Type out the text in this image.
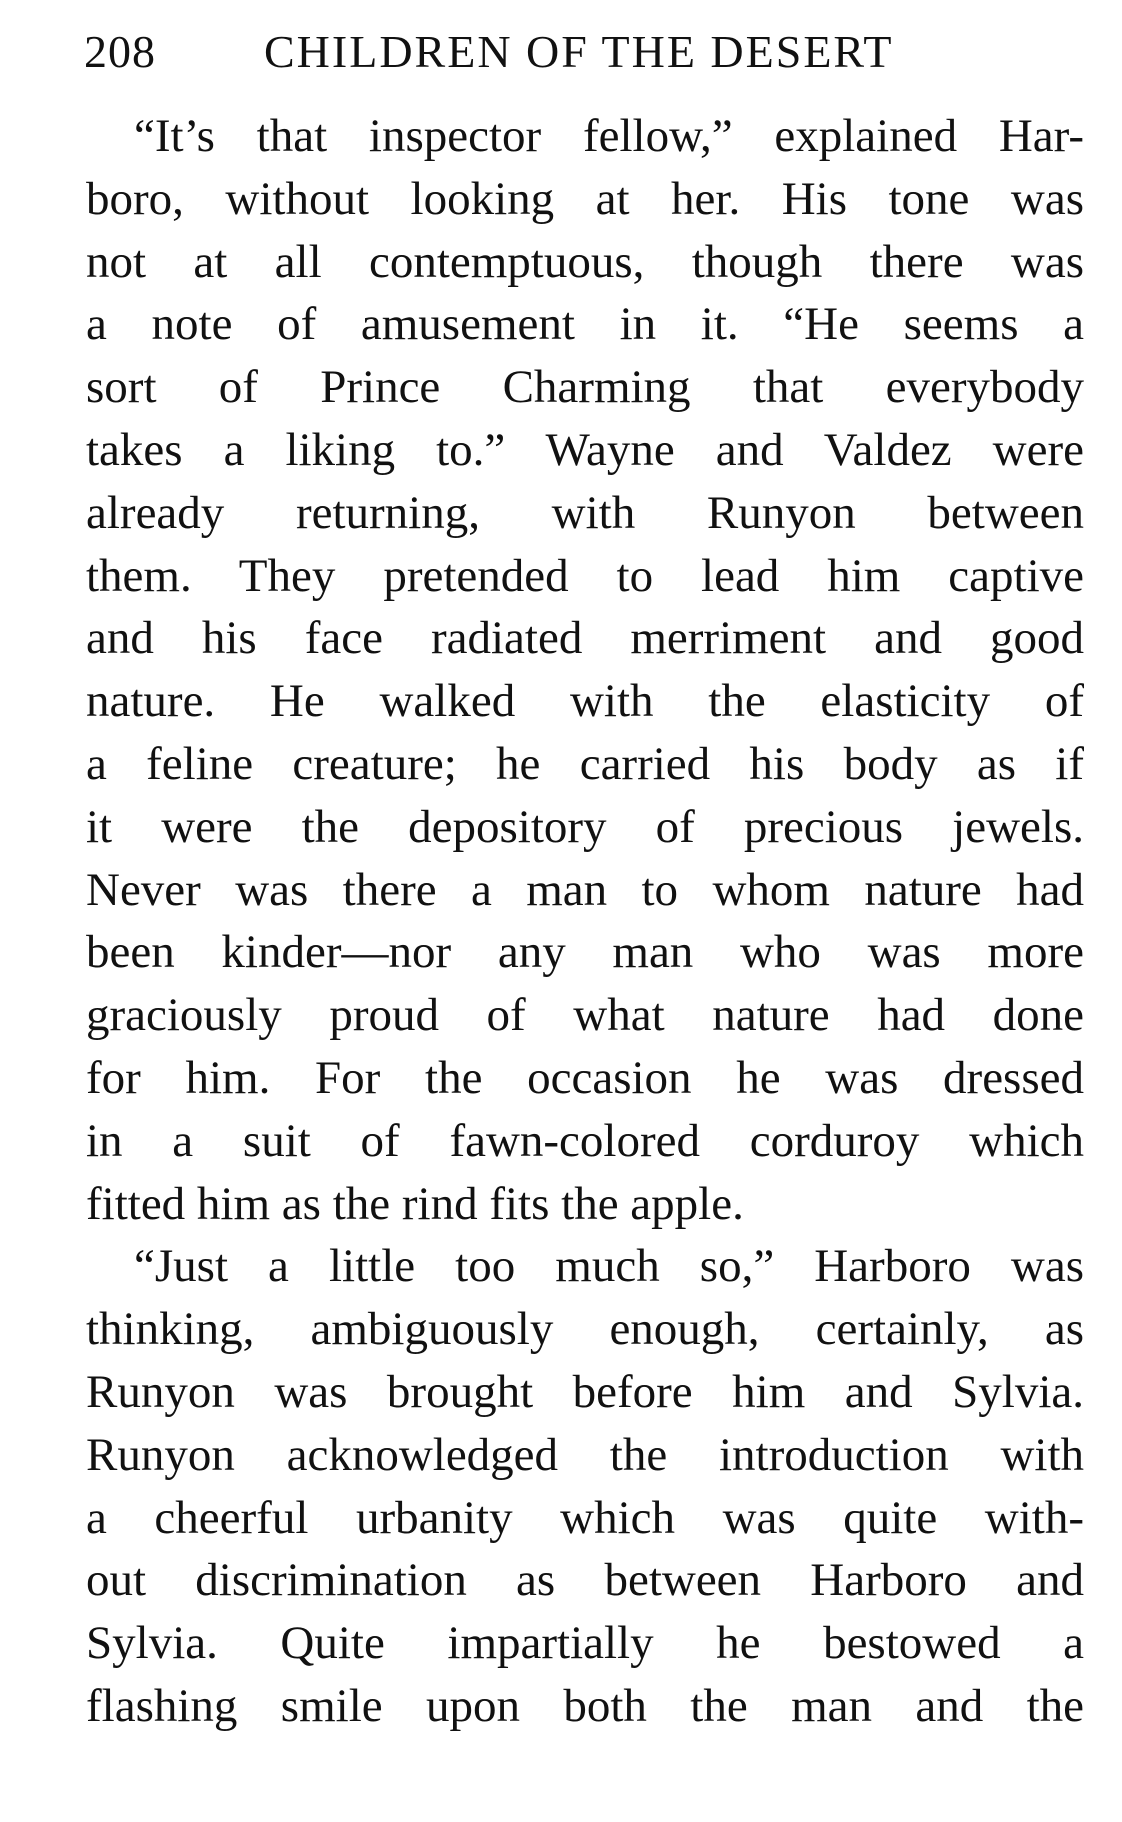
208 CHILDREN OF THE DESERT
“It’s that inspector fellow,” explained Har-
boro, without looking at her. His tone was
not at all contemptuous, though there was
a note of amusement in it. “He seems a
sort of Prince Charming that everybody
takes a liking to.” Wayne and Valdez were
already returning, with Runyon between
them. They pretended to lead him captive
and his face radiated merriment and good
nature. He walked with the elasticity of
a feline creature; he carried his body as if
it were the depository of precious jewels.
Never was there a man to whom nature had
been kinder—nor any man who was more
graciously proud of what nature had done
for him. For the occasion he was dressed
in a suit of fawn-colored corduroy which
fitted him as the rind fits the apple.
“Just a little too much so,” Harboro was
thinking, ambiguously enough, certainly, as
Runyon was brought before him and Sylvia.
Runyon acknowledged the introduction with
a cheerful urbanity which was quite with-
out discrimination as between Harboro and
Sylvia. Quite impartially he bestowed a
flashing smile upon both the man and the
